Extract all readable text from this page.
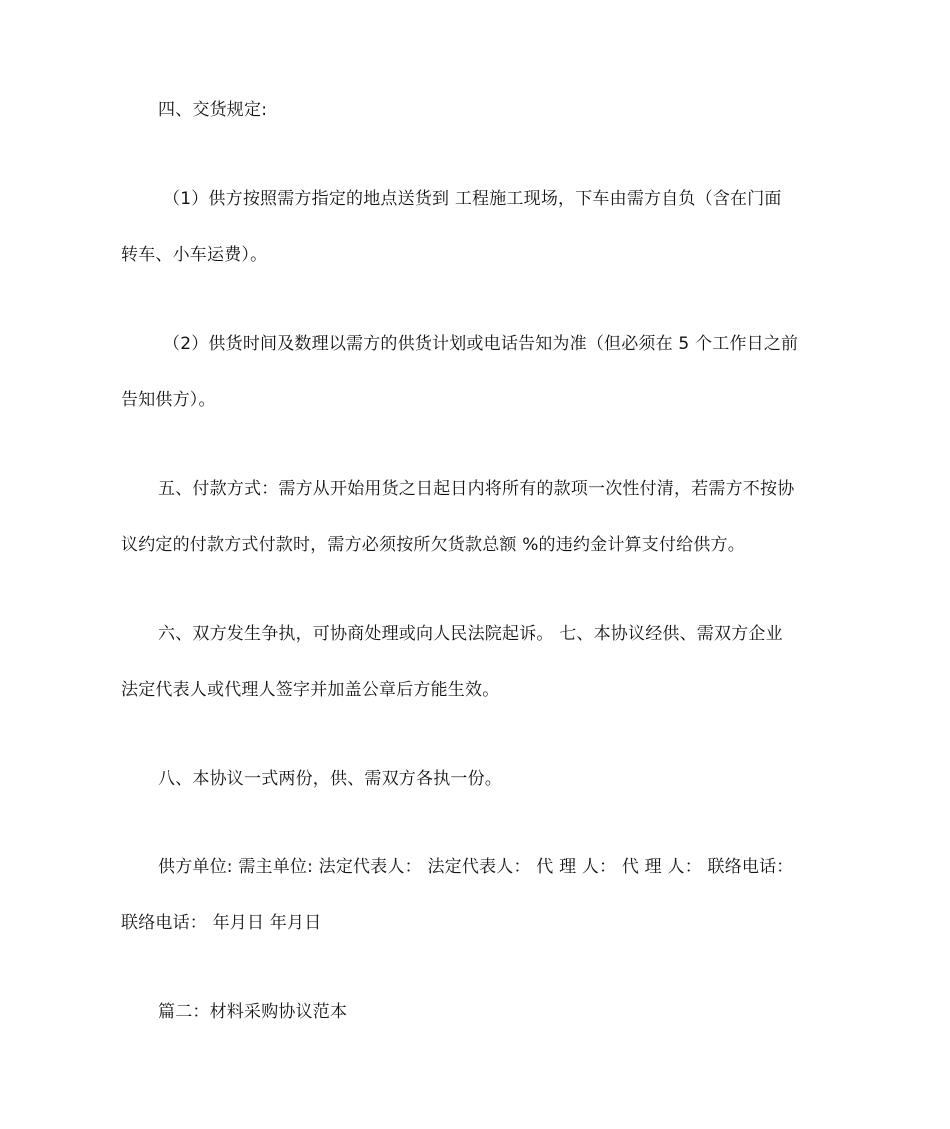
四、交货规定:
（1）供方按照需方指定的地点送货到 工程施工现场，下车由需方自负（含在门面
转车、小车运费）。
（2）供货时间及数理以需方的供货计划或电话告知为准（但必须在 5 个工作日之前
告知供方）。
五、付款方式：需方从开始用货之日起日内将所有的款项一次性付清，若需方不按协
议约定的付款方式付款时，需方必须按所欠货款总额 %的违约金计算支付给供方。
六、双方发生争执，可协商处理或向人民法院起诉。 七、本协议经供、需双方企业
法定代表人或代理人签字并加盖公章后方能生效。
八、本协议一式两份，供、需双方各执一份。
供方单位: 需主单位: 法定代表人： 法定代表人： 代 理 人： 代 理 人： 联络电话：
联络电话： 年月日 年月日
篇二：材料采购协议范本
